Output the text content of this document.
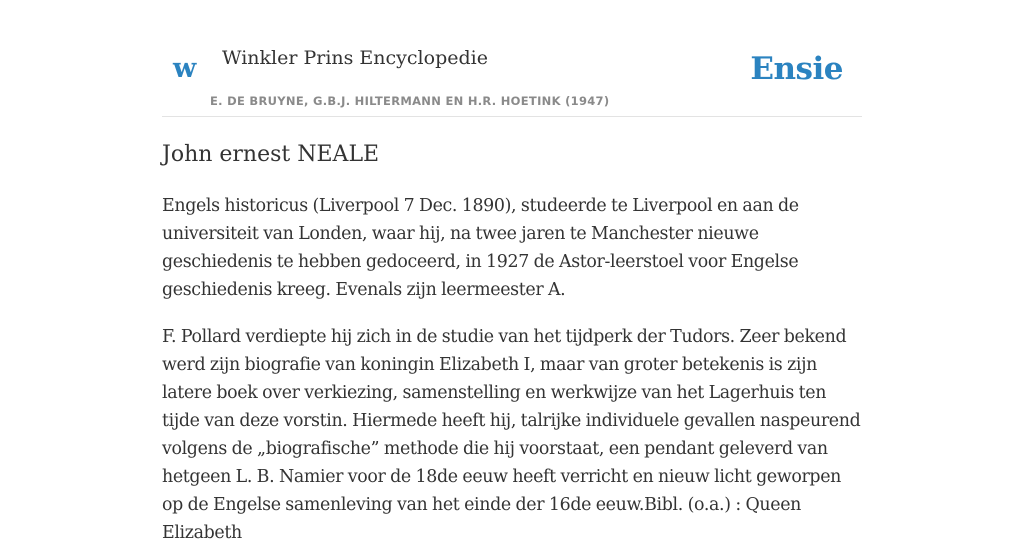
w Winkler Prins Encyclopedie
E. DE BRUYNE, G.B.J. HILTERMANN EN H.R. HOETINK (1947)
Ensie
John ernest NEALE

Engels historicus (Liverpool 7 Dec. 1890), studeerde te Liverpool en aan de universiteit van Londen, waar hij, na twee jaren te Manchester nieuwe geschiedenis te hebben gedoceerd, in 1927 de Astor-leerstoel voor Engelse geschiedenis kreeg. Evenals zijn leermeester A.

F. Pollard verdiepte hij zich in de studie van het tijdperk der Tudors. Zeer bekend werd zijn biografie van koningin Elizabeth I, maar van groter betekenis is zijn latere boek over verkiezing, samenstelling en werkwijze van het Lagerhuis ten tijde van deze vorstin. Hiermede heeft hij, talrijke individuele gevallen naspeurend volgens de „biografische” methode die hij voorstaat, een pendant geleverd van hetgeen L. B. Namier voor de 18de eeuw heeft verricht en nieuw licht geworpen op de Engelse samenleving van het einde der 16de eeuw.Bibl. (o.a.) : Queen Elizabeth
